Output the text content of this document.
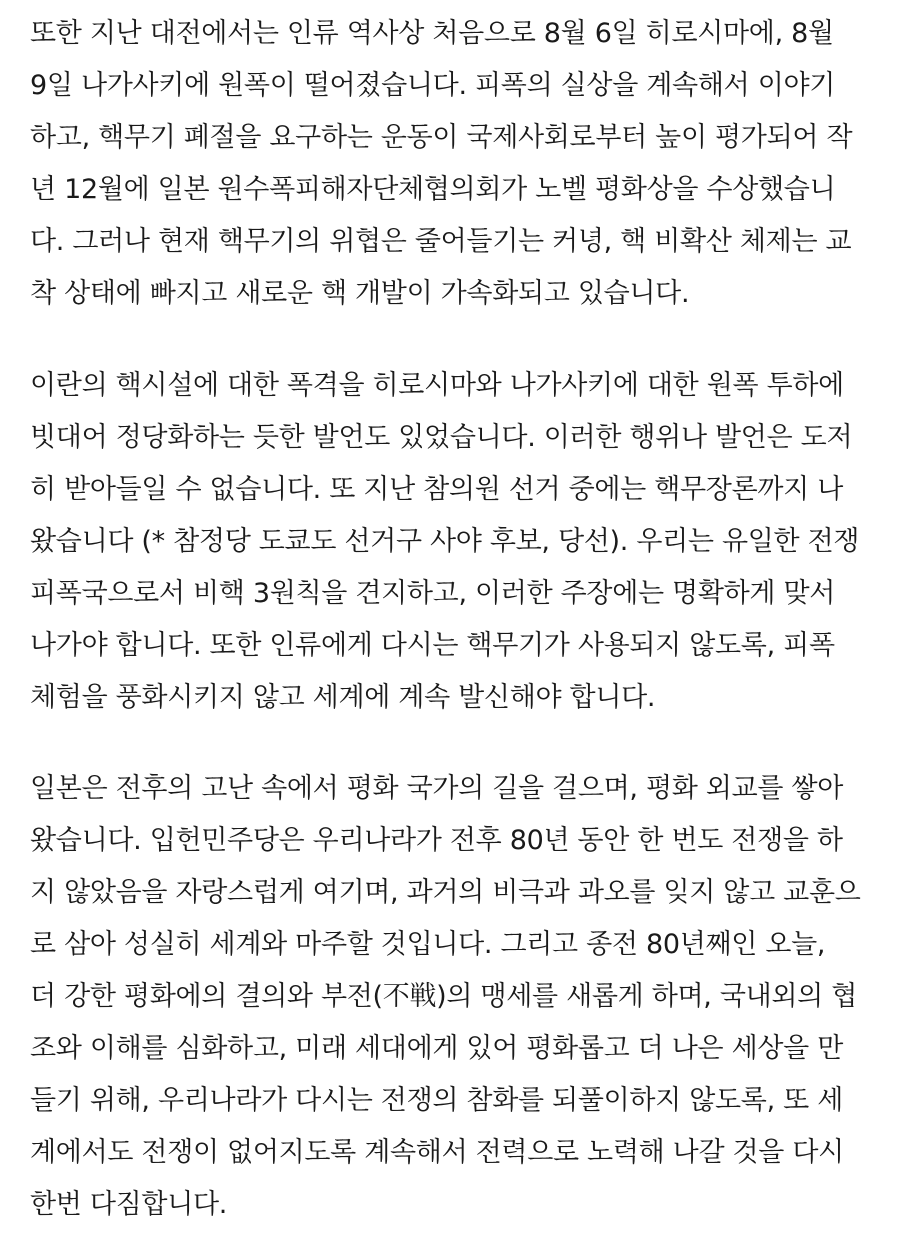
또한 지난 대전에서는 인류 역사상 처음으로 8월 6일 히로시마에, 8월
9일 나가사키에 원폭이 떨어졌습니다. 피폭의 실상을 계속해서 이야기
하고, 핵무기 폐절을 요구하는 운동이 국제사회로부터 높이 평가되어 작
년 12월에 일본 원수폭피해자단체협의회가 노벨 평화상을 수상했습니
다. 그러나 현재 핵무기의 위협은 줄어들기는 커녕, 핵 비확산 체제는 교
착 상태에 빠지고 새로운 핵 개발이 가속화되고 있습니다.
이란의 핵시설에 대한 폭격을 히로시마와 나가사키에 대한 원폭 투하에
빗대어 정당화하는 듯한 발언도 있었습니다. 이러한 행위나 발언은 도저
히 받아들일 수 없습니다. 또 지난 참의원 선거 중에는 핵무장론까지 나
왔습니다 (* 참정당 도쿄도 선거구 사야 후보, 당선). 우리는 유일한 전쟁
피폭국으로서 비핵 3원칙을 견지하고, 이러한 주장에는 명확하게 맞서
나가야 합니다. 또한 인류에게 다시는 핵무기가 사용되지 않도록, 피폭
체험을 풍화시키지 않고 세계에 계속 발신해야 합니다.
일본은 전후의 고난 속에서 평화 국가의 길을 걸으며, 평화 외교를 쌓아
왔습니다. 입헌민주당은 우리나라가 전후 80년 동안 한 번도 전쟁을 하
지 않았음을 자랑스럽게 여기며, 과거의 비극과 과오를 잊지 않고 교훈으
로 삼아 성실히 세계와 마주할 것입니다. 그리고 종전 80년째인 오늘,
더 강한 평화에의 결의와 부전(不戦)의 맹세를 새롭게 하며, 국내외의 협
조와 이해를 심화하고, 미래 세대에게 있어 평화롭고 더 나은 세상을 만
들기 위해, 우리나라가 다시는 전쟁의 참화를 되풀이하지 않도록, 또 세
계에서도 전쟁이 없어지도록 계속해서 전력으로 노력해 나갈 것을 다시
한번 다짐합니다.
